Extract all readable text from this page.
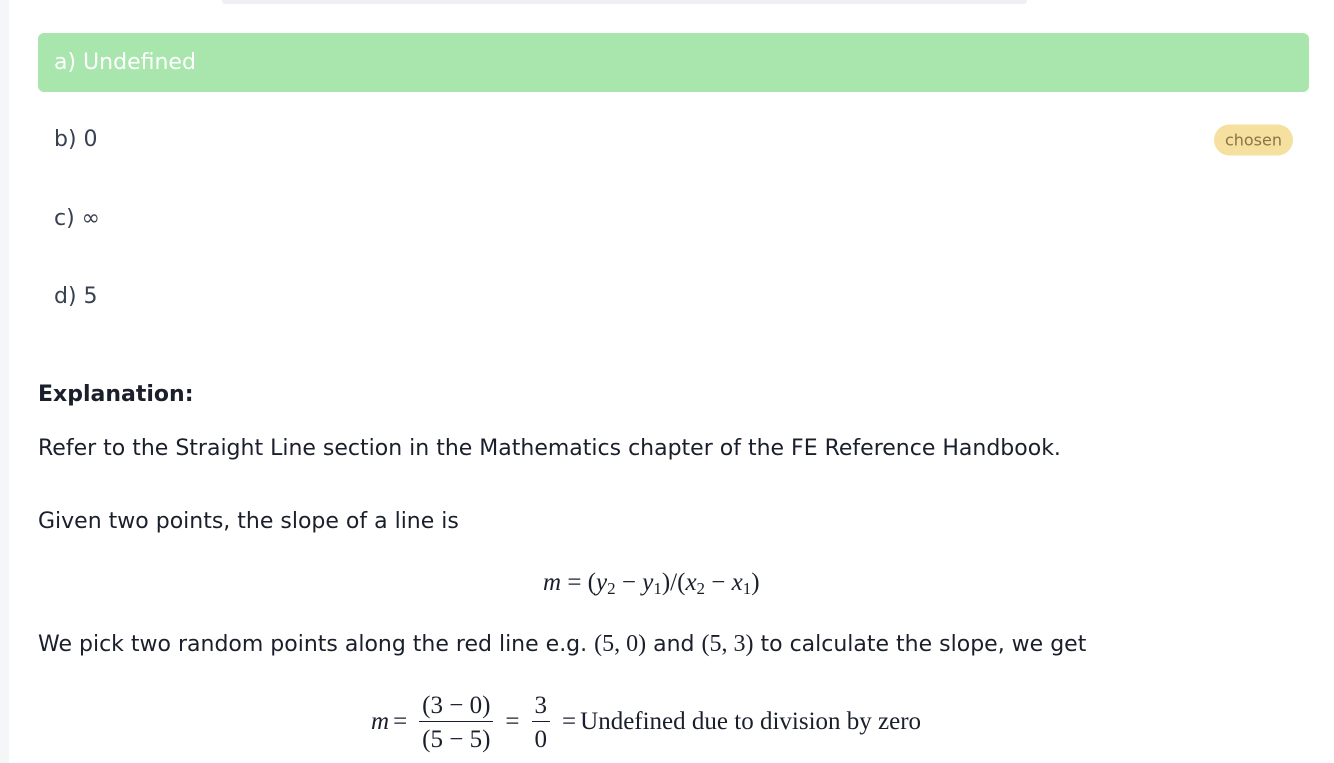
a) Undefined
b) 0	chosen
c) ∞
d) 5
Explanation:
Refer to the Straight Line section in the Mathematics chapter of the FE Reference Handbook.
Given two points, the slope of a line is
$m = (y_2 - y_1)/(x_2 - x_1)$
We pick two random points along the red line e.g. (5, 0) and (5, 3) to calculate the slope, we get
$m = \frac{(3 - 0)}{(5 - 5)} = \frac{3}{0}$ = Undefined due to division by zero
